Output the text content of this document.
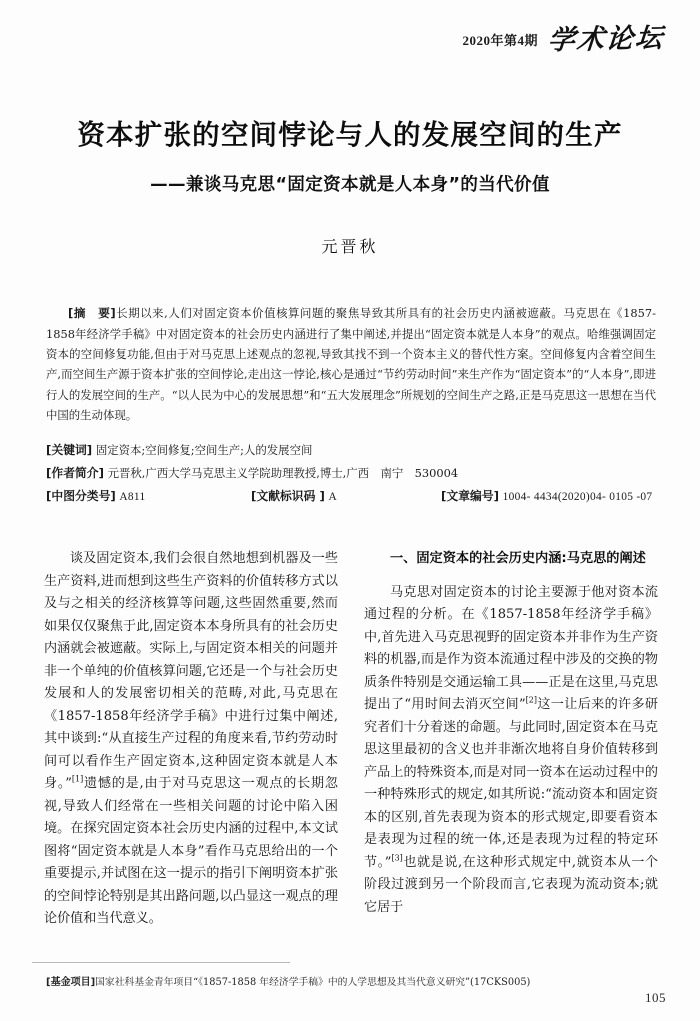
2020年第4期 学术论坛
资本扩张的空间悖论与人的发展空间的生产
——兼谈马克思“固定资本就是人本身”的当代价值
元晋秋
[摘　要]长期以来,人们对固定资本价值核算问题的聚焦导致其所具有的社会历史内涵被遮蔽。马克思在《1857-1858年经济学手稿》中对固定资本的社会历史内涵进行了集中阐述,并提出“固定资本就是人本身”的观点。哈维强调固定资本的空间修复功能,但由于对马克思上述观点的忽视,导致其找不到一个资本主义的替代性方案。空间修复内含着空间生产,而空间生产源于资本扩张的空间悖论,走出这一悖论,核心是通过“节约劳动时间”来生产作为“固定资本”的“人本身”,即进行人的发展空间的生产。“以人民为中心的发展思想”和“五大发展理念”所规划的空间生产之路,正是马克思这一思想在当代中国的生动体现。
[关键词] 固定资本;空间修复;空间生产;人的发展空间
[作者简介] 元晋秋,广西大学马克思主义学院助理教授,博士,广西　南宁　530004
[中图分类号] A811	[文献标识码 ] A	[文章编号] 1004- 4434(2020)04- 0105 -07

谈及固定资本,我们会很自然地想到机器及一些生产资料,进而想到这些生产资料的价值转移方式以及与之相关的经济核算等问题,这些固然重要,然而如果仅仅聚焦于此,固定资本本身所具有的社会历史内涵就会被遮蔽。实际上,与固定资本相关的问题并非一个单纯的价值核算问题,它还是一个与社会历史发展和人的发展密切相关的范畴,对此,马克思在《1857-1858年经济学手稿》中进行过集中阐述,其中谈到:“从直接生产过程的角度来看,节约劳动时间可以看作生产固定资本,这种固定资本就是人本身。”[1]遗憾的是,由于对马克思这一观点的长期忽视,导致人们经常在一些相关问题的讨论中陷入困境。在探究固定资本社会历史内涵的过程中,本文试图将“固定资本就是人本身”看作马克思给出的一个重要提示,并试图在这一提示的指引下阐明资本扩张的空间悖论特别是其出路问题,以凸显这一观点的理论价值和当代意义。

一、固定资本的社会历史内涵:马克思的阐述

马克思对固定资本的讨论主要源于他对资本流通过程的分析。在《1857-1858年经济学手稿》中,首先进入马克思视野的固定资本并非作为生产资料的机器,而是作为资本流通过程中涉及的交换的物质条件特别是交通运输工具——正是在这里,马克思提出了“用时间去消灭空间”[2]这一让后来的许多研究者们十分着迷的命题。与此同时,固定资本在马克思这里最初的含义也并非渐次地将自身价值转移到产品上的特殊资本,而是对同一资本在运动过程中的一种特殊形式的规定,如其所说:“流动资本和固定资本的区别,首先表现为资本的形式规定,即要看资本是表现为过程的统一体,还是表现为过程的特定环节。”[3]也就是说,在这种形式规定中,就资本从一个阶段过渡到另一个阶段而言,它表现为流动资本;就它居于

[基金项目]国家社科基金青年项目“《1857-1858 年经济学手稿》中的人学思想及其当代意义研究”(17CKS005)
105
